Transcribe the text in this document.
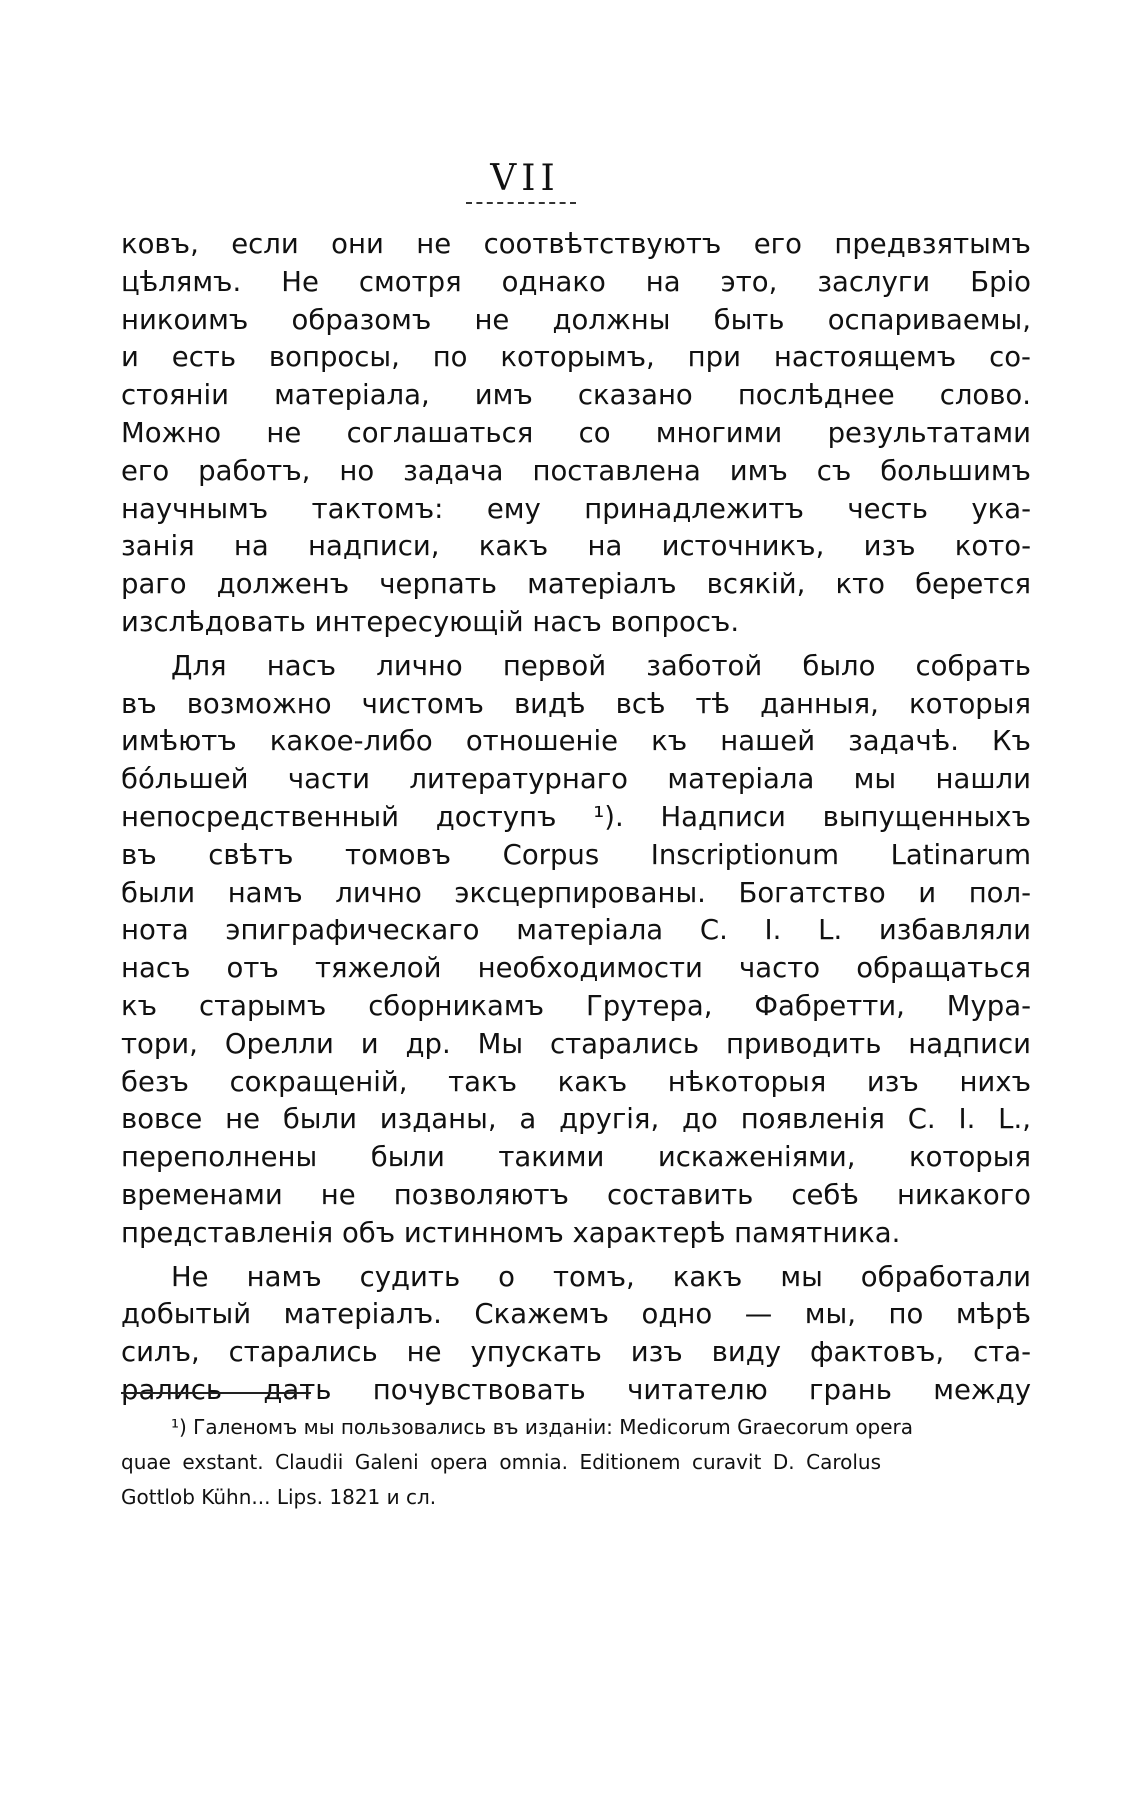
VII

ковъ, если они не соотвѣтствуютъ его предвзятымъ
цѣлямъ. Не смотря однако на это, заслуги Бріо
никоимъ образомъ не должны быть оспариваемы,
и есть вопросы, по которымъ, при настоящемъ со-
стояніи матеріала, имъ сказано послѣднее слово.
Можно не соглашаться со многими результатами
его работъ, но задача поставлена имъ съ большимъ
научнымъ тактомъ: ему принадлежитъ честь ука-
занія на надписи, какъ на источникъ, изъ кото-
раго долженъ черпать матеріалъ всякій, кто берется
изслѣдовать интересующій насъ вопросъ.

Для насъ лично первой заботой было собрать
въ возможно чистомъ видѣ всѣ тѣ данныя, которыя
имѣютъ какое-либо отношеніе къ нашей задачѣ. Къ
бо́льшей части литературнаго матеріала мы нашли
непосредственный доступъ ¹). Надписи выпущенныхъ
въ свѣтъ томовъ Corpus Inscriptionum Latinarum
были намъ лично эксцерпированы. Богатство и пол-
нота эпиграфическаго матеріала C. I. L. избавляли
насъ отъ тяжелой необходимости часто обращаться
къ старымъ сборникамъ Грутера, Фабретти, Мура-
тори, Орелли и др. Мы старались приводить надписи
безъ сокращеній, такъ какъ нѣкоторыя изъ нихъ
вовсе не были изданы, а другія, до появленія C. I. L.,
переполнены были такими искаженіями, которыя
временами не позволяютъ составить себѣ никакого
представленія объ истинномъ характерѣ памятника.

Не намъ судить о томъ, какъ мы обработали
добытый матеріалъ. Скажемъ одно — мы, по мѣрѣ
силъ, старались не упускать изъ виду фактовъ, ста-
рались дать почувствовать читателю грань между

¹) Галеномъ мы пользовались въ изданіи: Medicorum Graecorum opera
quae exstant. Claudii Galeni opera omnia. Editionem curavit D. Carolus
Gottlob Kühn... Lips. 1821 и сл.
